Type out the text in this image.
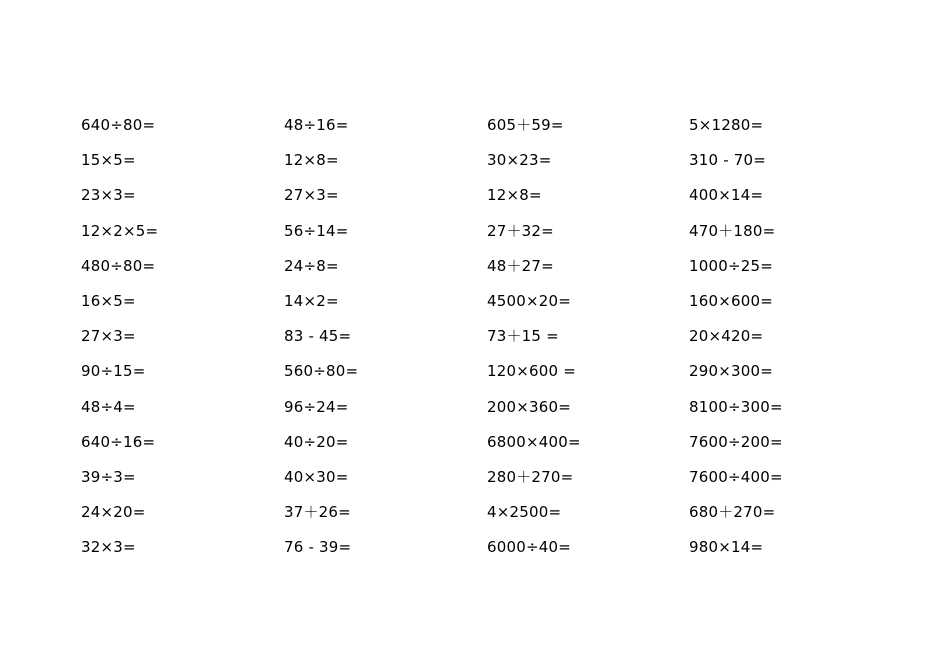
640÷80=	48÷16=	605＋59=	5×1280=
15×5=	12×8=	30×23=	310 - 70=
23×3=	27×3=	12×8=	400×14=
12×2×5=	56÷14=	27＋32=	470＋180=
480÷80=	24÷8=	48＋27=	1000÷25=
16×5=	14×2=	4500×20=	160×600=
27×3=	83 - 45=	73＋15 =	20×420=
90÷15=	560÷80=	120×600 =	290×300=
48÷4=	96÷24=	200×360=	8100÷300=
640÷16=	40÷20=	6800×400=	7600÷200=
39÷3=	40×30=	280＋270=	7600÷400=
24×20=	37＋26=	4×2500=	680＋270=
32×3=	76 - 39=	6000÷40=	980×14=
